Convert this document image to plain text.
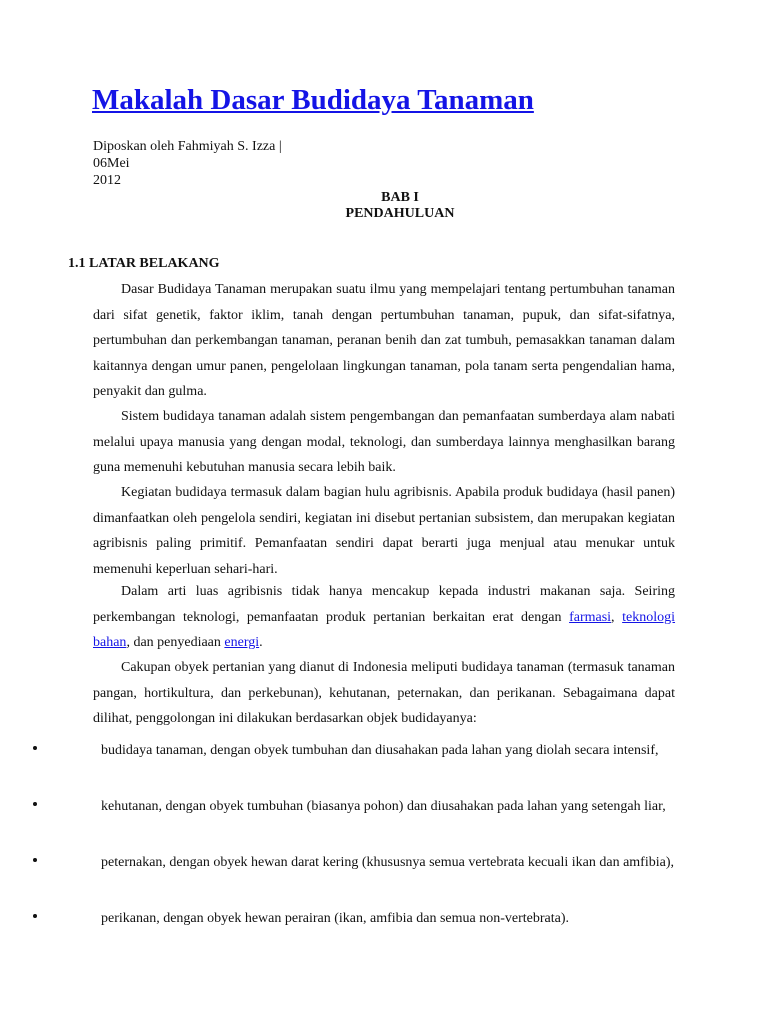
Makalah Dasar Budidaya Tanaman
Diposkan oleh Fahmiyah S. Izza |
06Mei
2012
BAB I
PENDAHULUAN
1.1 LATAR BELAKANG

Dasar Budidaya Tanaman merupakan suatu ilmu yang mempelajari tentang pertumbuhan tanaman dari sifat genetik, faktor iklim, tanah dengan pertumbuhan tanaman, pupuk, dan sifat-sifatnya, pertumbuhan dan perkembangan tanaman, peranan benih dan zat tumbuh, pemasakkan tanaman dalam kaitannya dengan umur panen, pengelolaan lingkungan tanaman, pola tanam serta pengendalian hama, penyakit dan gulma.

Sistem budidaya tanaman adalah sistem pengembangan dan pemanfaatan sumberdaya alam nabati melalui upaya manusia yang dengan modal, teknologi, dan sumberdaya lainnya menghasilkan barang guna memenuhi kebutuhan manusia secara lebih baik.

Kegiatan budidaya termasuk dalam bagian hulu agribisnis. Apabila produk budidaya (hasil panen) dimanfaatkan oleh pengelola sendiri, kegiatan ini disebut pertanian subsistem, dan merupakan kegiatan agribisnis paling primitif. Pemanfaatan sendiri dapat berarti juga menjual atau menukar untuk memenuhi keperluan sehari-hari.

Dalam arti luas agribisnis tidak hanya mencakup kepada industri makanan saja. Seiring perkembangan teknologi, pemanfaatan produk pertanian berkaitan erat dengan farmasi, teknologi bahan, dan penyediaan energi.

Cakupan obyek pertanian yang dianut di Indonesia meliputi budidaya tanaman (termasuk tanaman pangan, hortikultura, dan perkebunan), kehutanan, peternakan, dan perikanan. Sebagaimana dapat dilihat, penggolongan ini dilakukan berdasarkan objek budidayanya:

budidaya tanaman, dengan obyek tumbuhan dan diusahakan pada lahan yang diolah secara intensif,

kehutanan, dengan obyek tumbuhan (biasanya pohon) dan diusahakan pada lahan yang setengah liar,

peternakan, dengan obyek hewan darat kering (khususnya semua vertebrata kecuali ikan dan amfibia),

perikanan, dengan obyek hewan perairan (ikan, amfibia dan semua non-vertebrata).
